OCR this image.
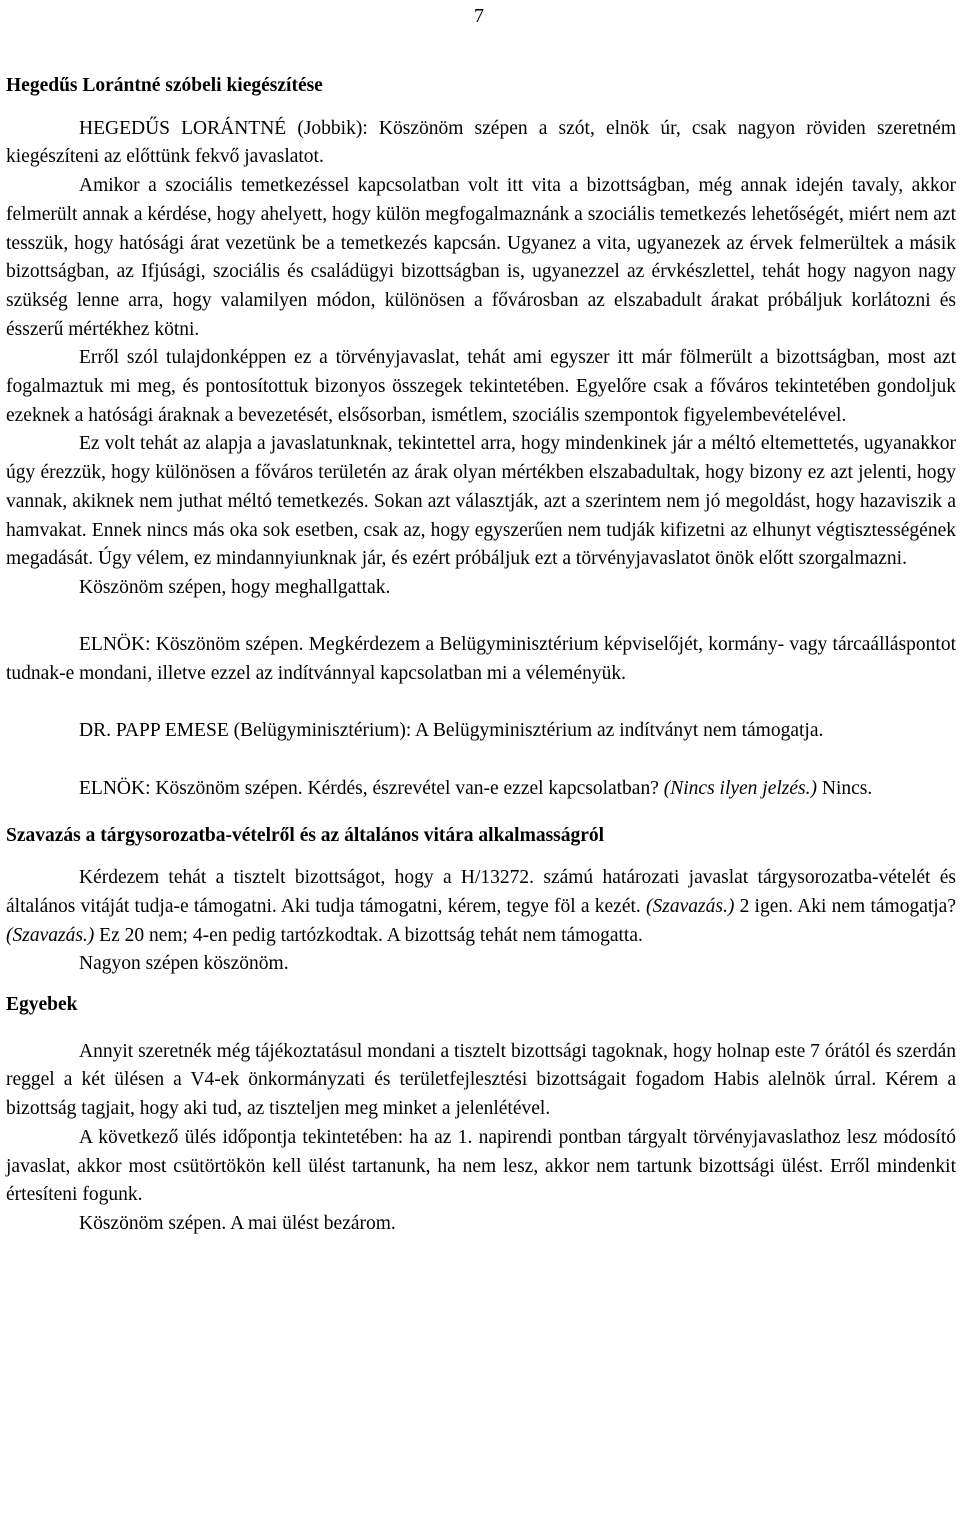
7
Hegedűs Lorántné szóbeli kiegészítése

HEGEDŰS LORÁNTNÉ (Jobbik): Köszönöm szépen a szót, elnök úr, csak nagyon röviden szeretném kiegészíteni az előttünk fekvő javaslatot.

Amikor a szociális temetkezéssel kapcsolatban volt itt vita a bizottságban, még annak idején tavaly, akkor felmerült annak a kérdése, hogy ahelyett, hogy külön megfogalmaznánk a szociális temetkezés lehetőségét, miért nem azt tesszük, hogy hatósági árat vezetünk be a temetkezés kapcsán. Ugyanez a vita, ugyanezek az érvek felmerültek a másik bizottságban, az Ifjúsági, szociális és családügyi bizottságban is, ugyanezzel az érvkészlettel, tehát hogy nagyon nagy szükség lenne arra, hogy valamilyen módon, különösen a fővárosban az elszabadult árakat próbáljuk korlátozni és ésszerű mértékhez kötni.

Erről szól tulajdonképpen ez a törvényjavaslat, tehát ami egyszer itt már fölmerült a bizottságban, most azt fogalmaztuk mi meg, és pontosítottuk bizonyos összegek tekintetében. Egyelőre csak a főváros tekintetében gondoljuk ezeknek a hatósági áraknak a bevezetését, elsősorban, ismétlem, szociális szempontok figyelembevételével.

Ez volt tehát az alapja a javaslatunknak, tekintettel arra, hogy mindenkinek jár a méltó eltemettetés, ugyanakkor úgy érezzük, hogy különösen a főváros területén az árak olyan mértékben elszabadultak, hogy bizony ez azt jelenti, hogy vannak, akiknek nem juthat méltó temetkezés. Sokan azt választják, azt a szerintem nem jó megoldást, hogy hazaviszik a hamvakat. Ennek nincs más oka sok esetben, csak az, hogy egyszerűen nem tudják kifizetni az elhunyt végtisztességének megadását. Úgy vélem, ez mindannyiunknak jár, és ezért próbáljuk ezt a törvényjavaslatot önök előtt szorgalmazni.

Köszönöm szépen, hogy meghallgattak.

ELNÖK: Köszönöm szépen. Megkérdezem a Belügyminisztérium képviselőjét, kormány- vagy tárcaálláspontot tudnak-e mondani, illetve ezzel az indítvánnyal kapcsolatban mi a véleményük.

DR. PAPP EMESE (Belügyminisztérium): A Belügyminisztérium az indítványt nem támogatja.

ELNÖK: Köszönöm szépen. Kérdés, észrevétel van-e ezzel kapcsolatban? (Nincs ilyen jelzés.) Nincs.

Szavazás a tárgysorozatba-vételről és az általános vitára alkalmasságról

Kérdezem tehát a tisztelt bizottságot, hogy a H/13272. számú határozati javaslat tárgysorozatba-vételét és általános vitáját tudja-e támogatni. Aki tudja támogatni, kérem, tegye föl a kezét. (Szavazás.) 2 igen. Aki nem támogatja? (Szavazás.) Ez 20 nem; 4-en pedig tartózkodtak. A bizottság tehát nem támogatta.

Nagyon szépen köszönöm.

Egyebek

Annyit szeretnék még tájékoztatásul mondani a tisztelt bizottsági tagoknak, hogy holnap este 7 órától és szerdán reggel a két ülésen a V4-ek önkormányzati és területfejlesztési bizottságait fogadom Habis alelnök úrral. Kérem a bizottság tagjait, hogy aki tud, az tiszteljen meg minket a jelenlétével.

A következő ülés időpontja tekintetében: ha az 1. napirendi pontban tárgyalt törvényjavaslathoz lesz módosító javaslat, akkor most csütörtökön kell ülést tartanunk, ha nem lesz, akkor nem tartunk bizottsági ülést. Erről mindenkit értesíteni fogunk.

Köszönöm szépen. A mai ülést bezárom.
